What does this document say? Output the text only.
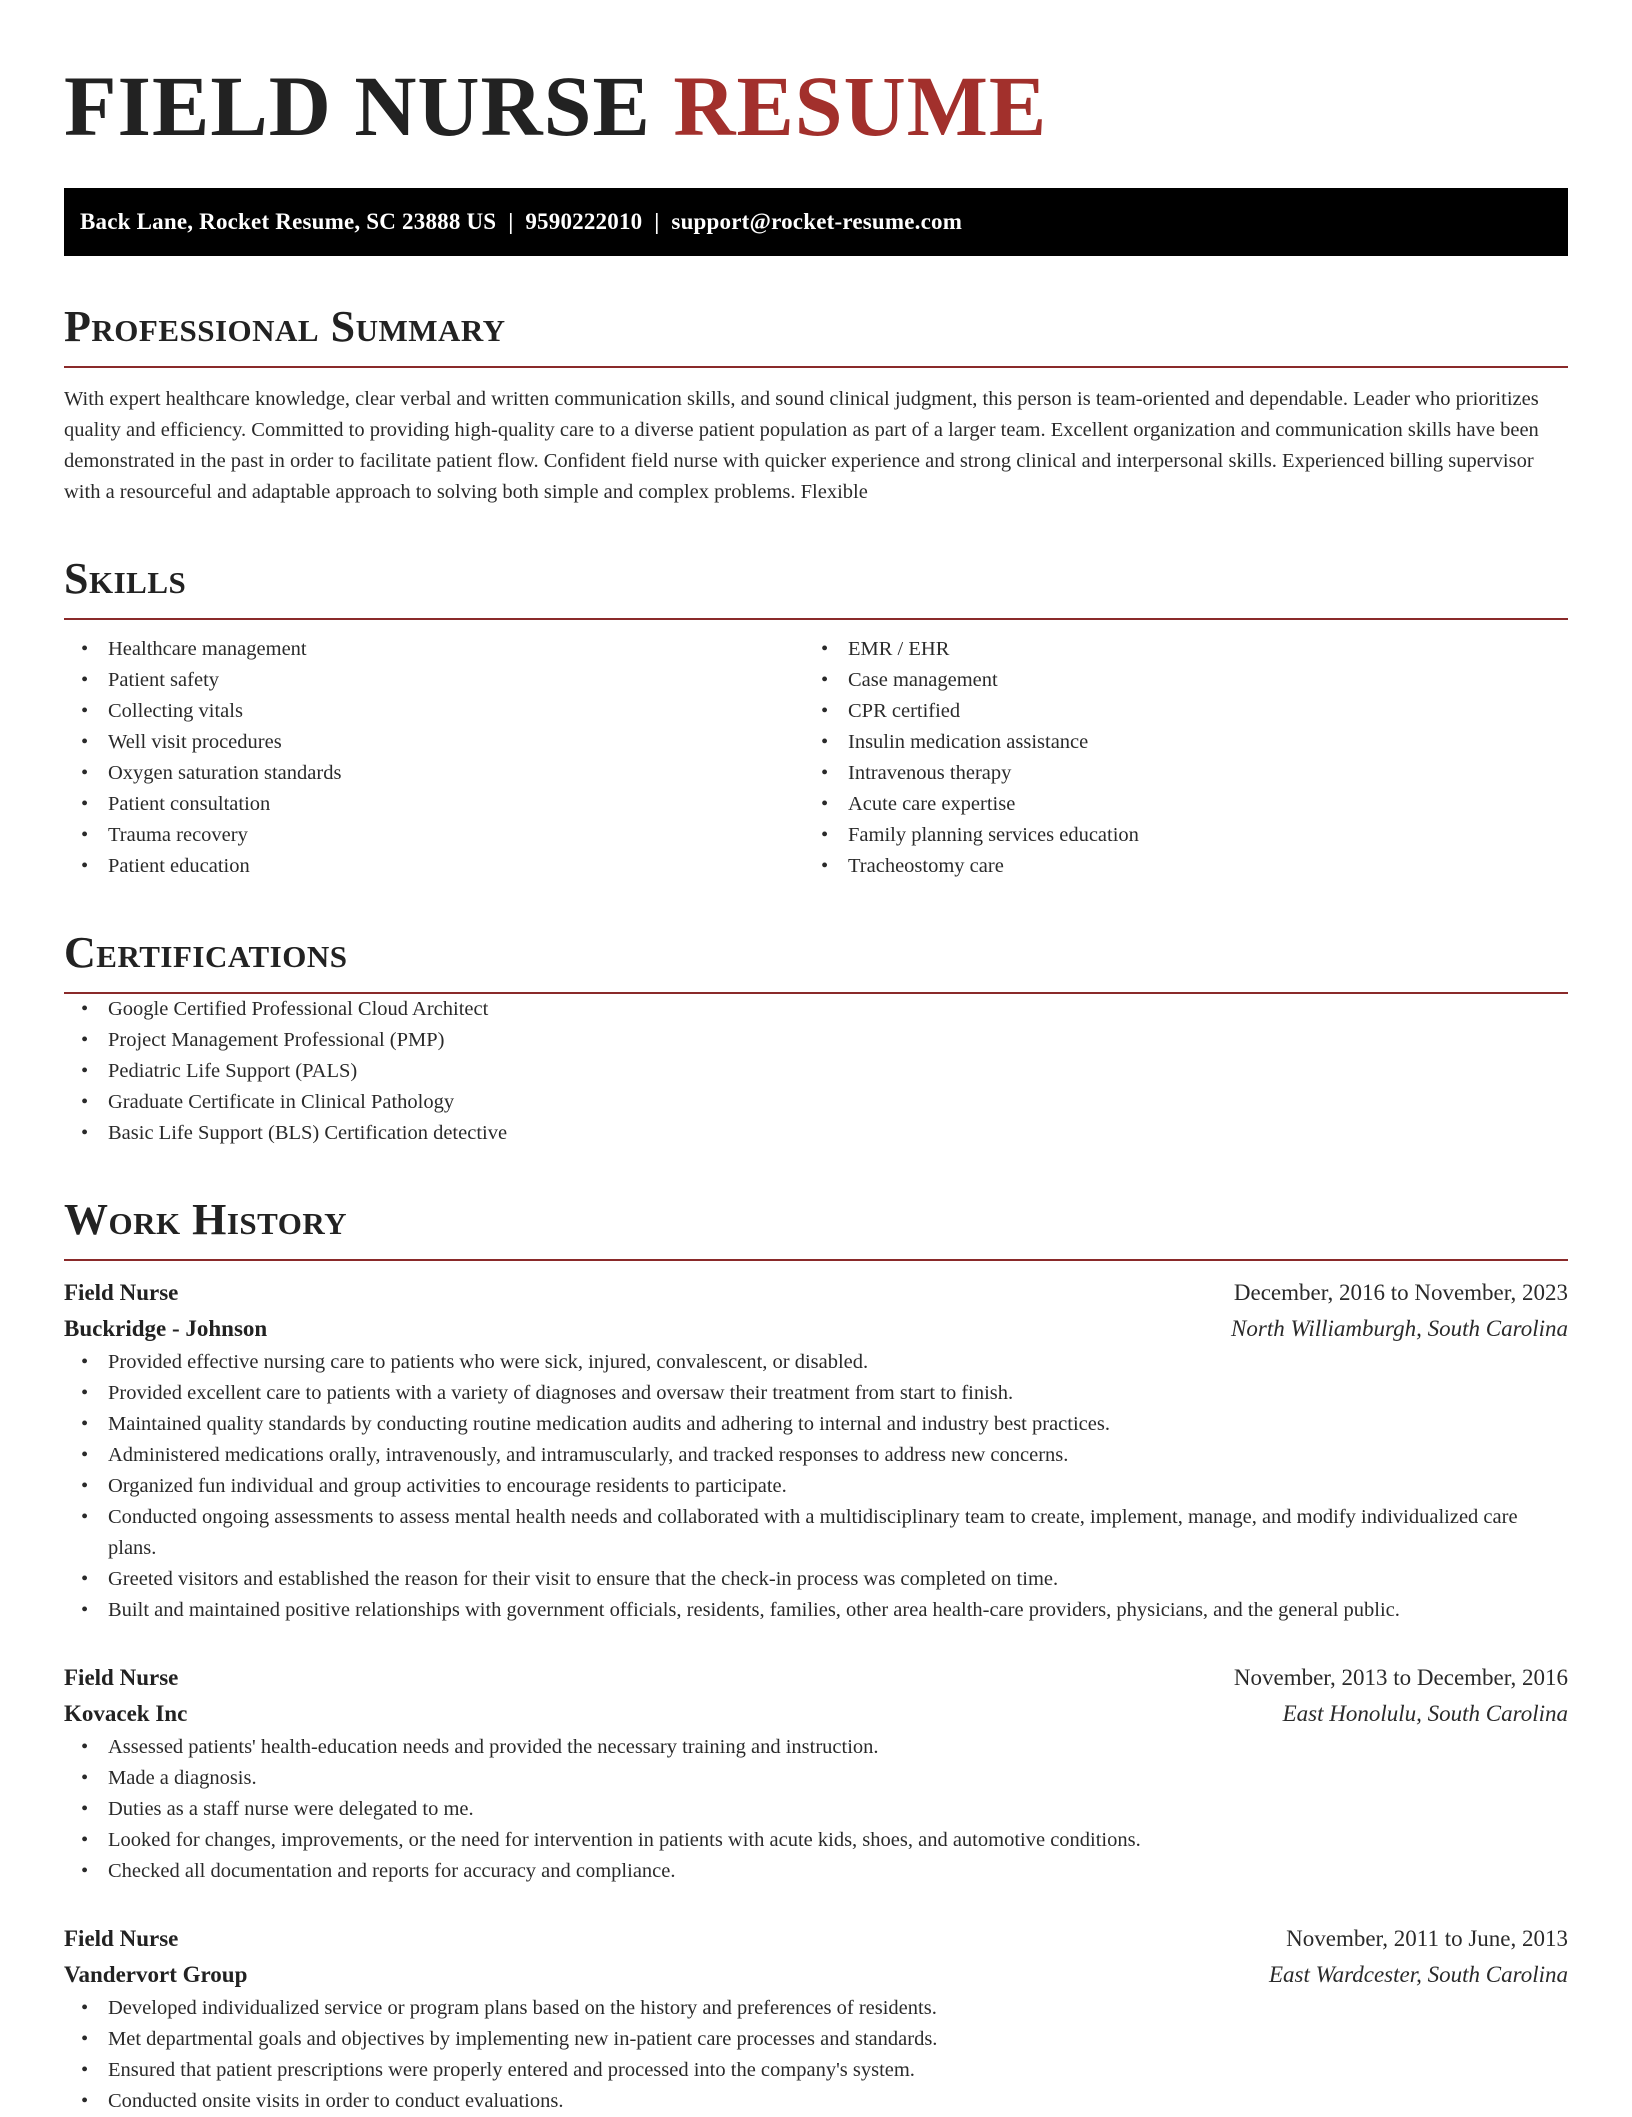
FIELD NURSE RESUME
Back Lane, Rocket Resume, SC 23888 US  |  9590222010  |  support@rocket-resume.com
Professional Summary

With expert healthcare knowledge, clear verbal and written communication skills, and sound clinical judgment, this person is team-oriented and dependable. Leader who prioritizes quality and efficiency. Committed to providing high-quality care to a diverse patient population as part of a larger team. Excellent organization and communication skills have been demonstrated in the past in order to facilitate patient flow. Confident field nurse with quicker experience and strong clinical and interpersonal skills. Experienced billing supervisor with a resourceful and adaptable approach to solving both simple and complex problems. Flexible

Skills
• Healthcare management
• Patient safety
• Collecting vitals
• Well visit procedures
• Oxygen saturation standards
• Patient consultation
• Trauma recovery
• Patient education
• EMR / EHR
• Case management
• CPR certified
• Insulin medication assistance
• Intravenous therapy
• Acute care expertise
• Family planning services education
• Tracheostomy care
Certifications
• Google Certified Professional Cloud Architect
• Project Management Professional (PMP)
• Pediatric Life Support (PALS)
• Graduate Certificate in Clinical Pathology
• Basic Life Support (BLS) Certification detective
Work History
Field Nurse	December, 2016 to November, 2023
Buckridge - Johnson	North Williamburgh, South Carolina
• Provided effective nursing care to patients who were sick, injured, convalescent, or disabled.
• Provided excellent care to patients with a variety of diagnoses and oversaw their treatment from start to finish.
• Maintained quality standards by conducting routine medication audits and adhering to internal and industry best practices.
• Administered medications orally, intravenously, and intramuscularly, and tracked responses to address new concerns.
• Organized fun individual and group activities to encourage residents to participate.
• Conducted ongoing assessments to assess mental health needs and collaborated with a multidisciplinary team to create, implement, manage, and modify individualized care plans.
• Greeted visitors and established the reason for their visit to ensure that the check-in process was completed on time.
• Built and maintained positive relationships with government officials, residents, families, other area health-care providers, physicians, and the general public.
Field Nurse	November, 2013 to December, 2016
Kovacek Inc	East Honolulu, South Carolina
• Assessed patients' health-education needs and provided the necessary training and instruction.
• Made a diagnosis.
• Duties as a staff nurse were delegated to me.
• Looked for changes, improvements, or the need for intervention in patients with acute kids, shoes, and automotive conditions.
• Checked all documentation and reports for accuracy and compliance.
Field Nurse	November, 2011 to June, 2013
Vandervort Group	East Wardcester, South Carolina
• Developed individualized service or program plans based on the history and preferences of residents.
• Met departmental goals and objectives by implementing new in-patient care processes and standards.
• Ensured that patient prescriptions were properly entered and processed into the company's system.
• Conducted onsite visits in order to conduct evaluations.
